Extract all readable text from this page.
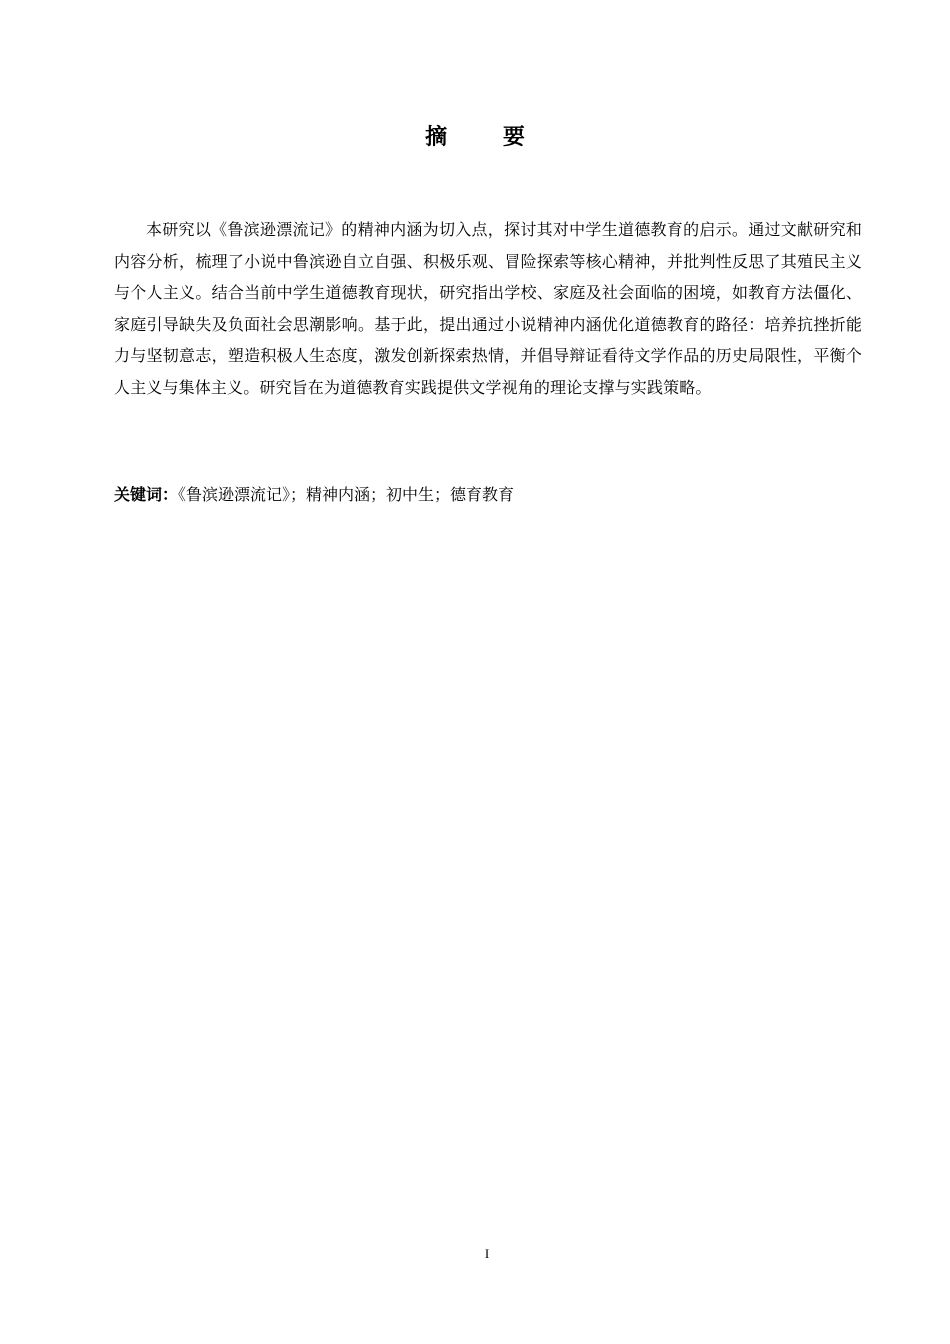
摘 要

本研究以《鲁滨逊漂流记》的精神内涵为切入点，探讨其对中学生道德教育的启示。通过文献研究和内容分析，梳理了小说中鲁滨逊自立自强、积极乐观、冒险探索等核心精神，并批判性反思了其殖民主义与个人主义。结合当前中学生道德教育现状，研究指出学校、家庭及社会面临的困境，如教育方法僵化、家庭引导缺失及负面社会思潮影响。基于此，提出通过小说精神内涵优化道德教育的路径：培养抗挫折能力与坚韧意志，塑造积极人生态度，激发创新探索热情，并倡导辩证看待文学作品的历史局限性，平衡个人主义与集体主义。研究旨在为道德教育实践提供文学视角的理论支撑与实践策略。

关键词：《鲁滨逊漂流记》；精神内涵；初中生；德育教育
I
